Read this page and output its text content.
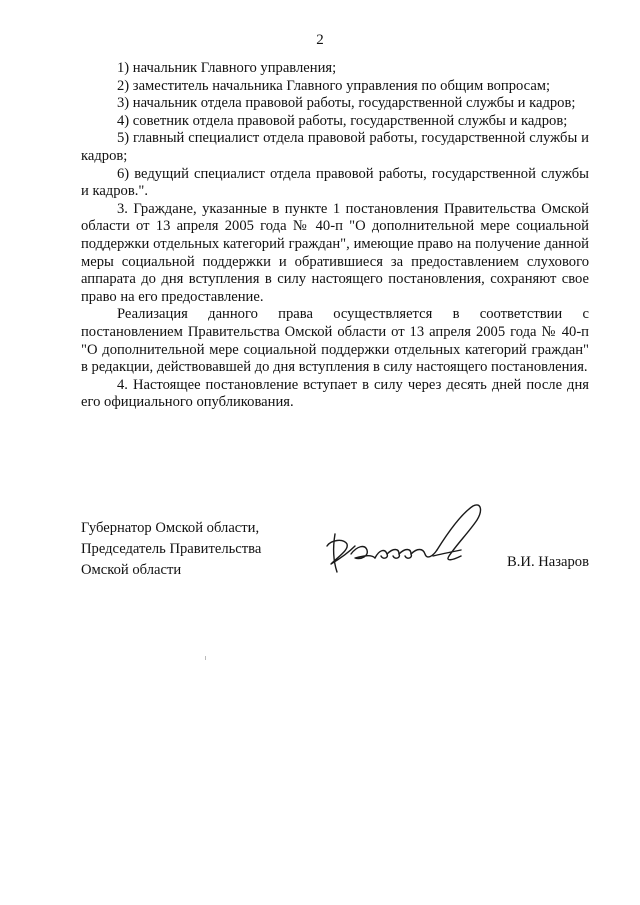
2

1) начальник Главного управления;

2) заместитель начальника Главного управления по общим вопросам;

3) начальник отдела правовой работы, государственной службы и кадров;

4) советник отдела правовой работы, государственной службы и кадров;

5) главный специалист отдела правовой работы, государственной службы и кадров;

6) ведущий специалист отдела правовой работы, государственной службы и кадров.".

3. Граждане, указанные в пункте 1 постановления Правительства Омской области от 13 апреля 2005 года № 40-п "О дополнительной мере социальной поддержки отдельных категорий граждан", имеющие право на получение данной меры социальной поддержки и обратившиеся за предоставлением слухового аппарата до дня вступления в силу настоящего постановления, сохраняют свое право на его предоставление.

Реализация данного права осуществляется в соответствии с постановлением Правительства Омской области от 13 апреля 2005 года № 40-п "О дополнительной мере социальной поддержки отдельных категорий граждан" в редакции, действовавшей до дня вступления в силу настоящего постановления.

4. Настоящее постановление вступает в силу через десять дней после дня его официального опубликования.

Губернатор Омской области,
Председатель Правительства
Омской области	В.И. Назаров
